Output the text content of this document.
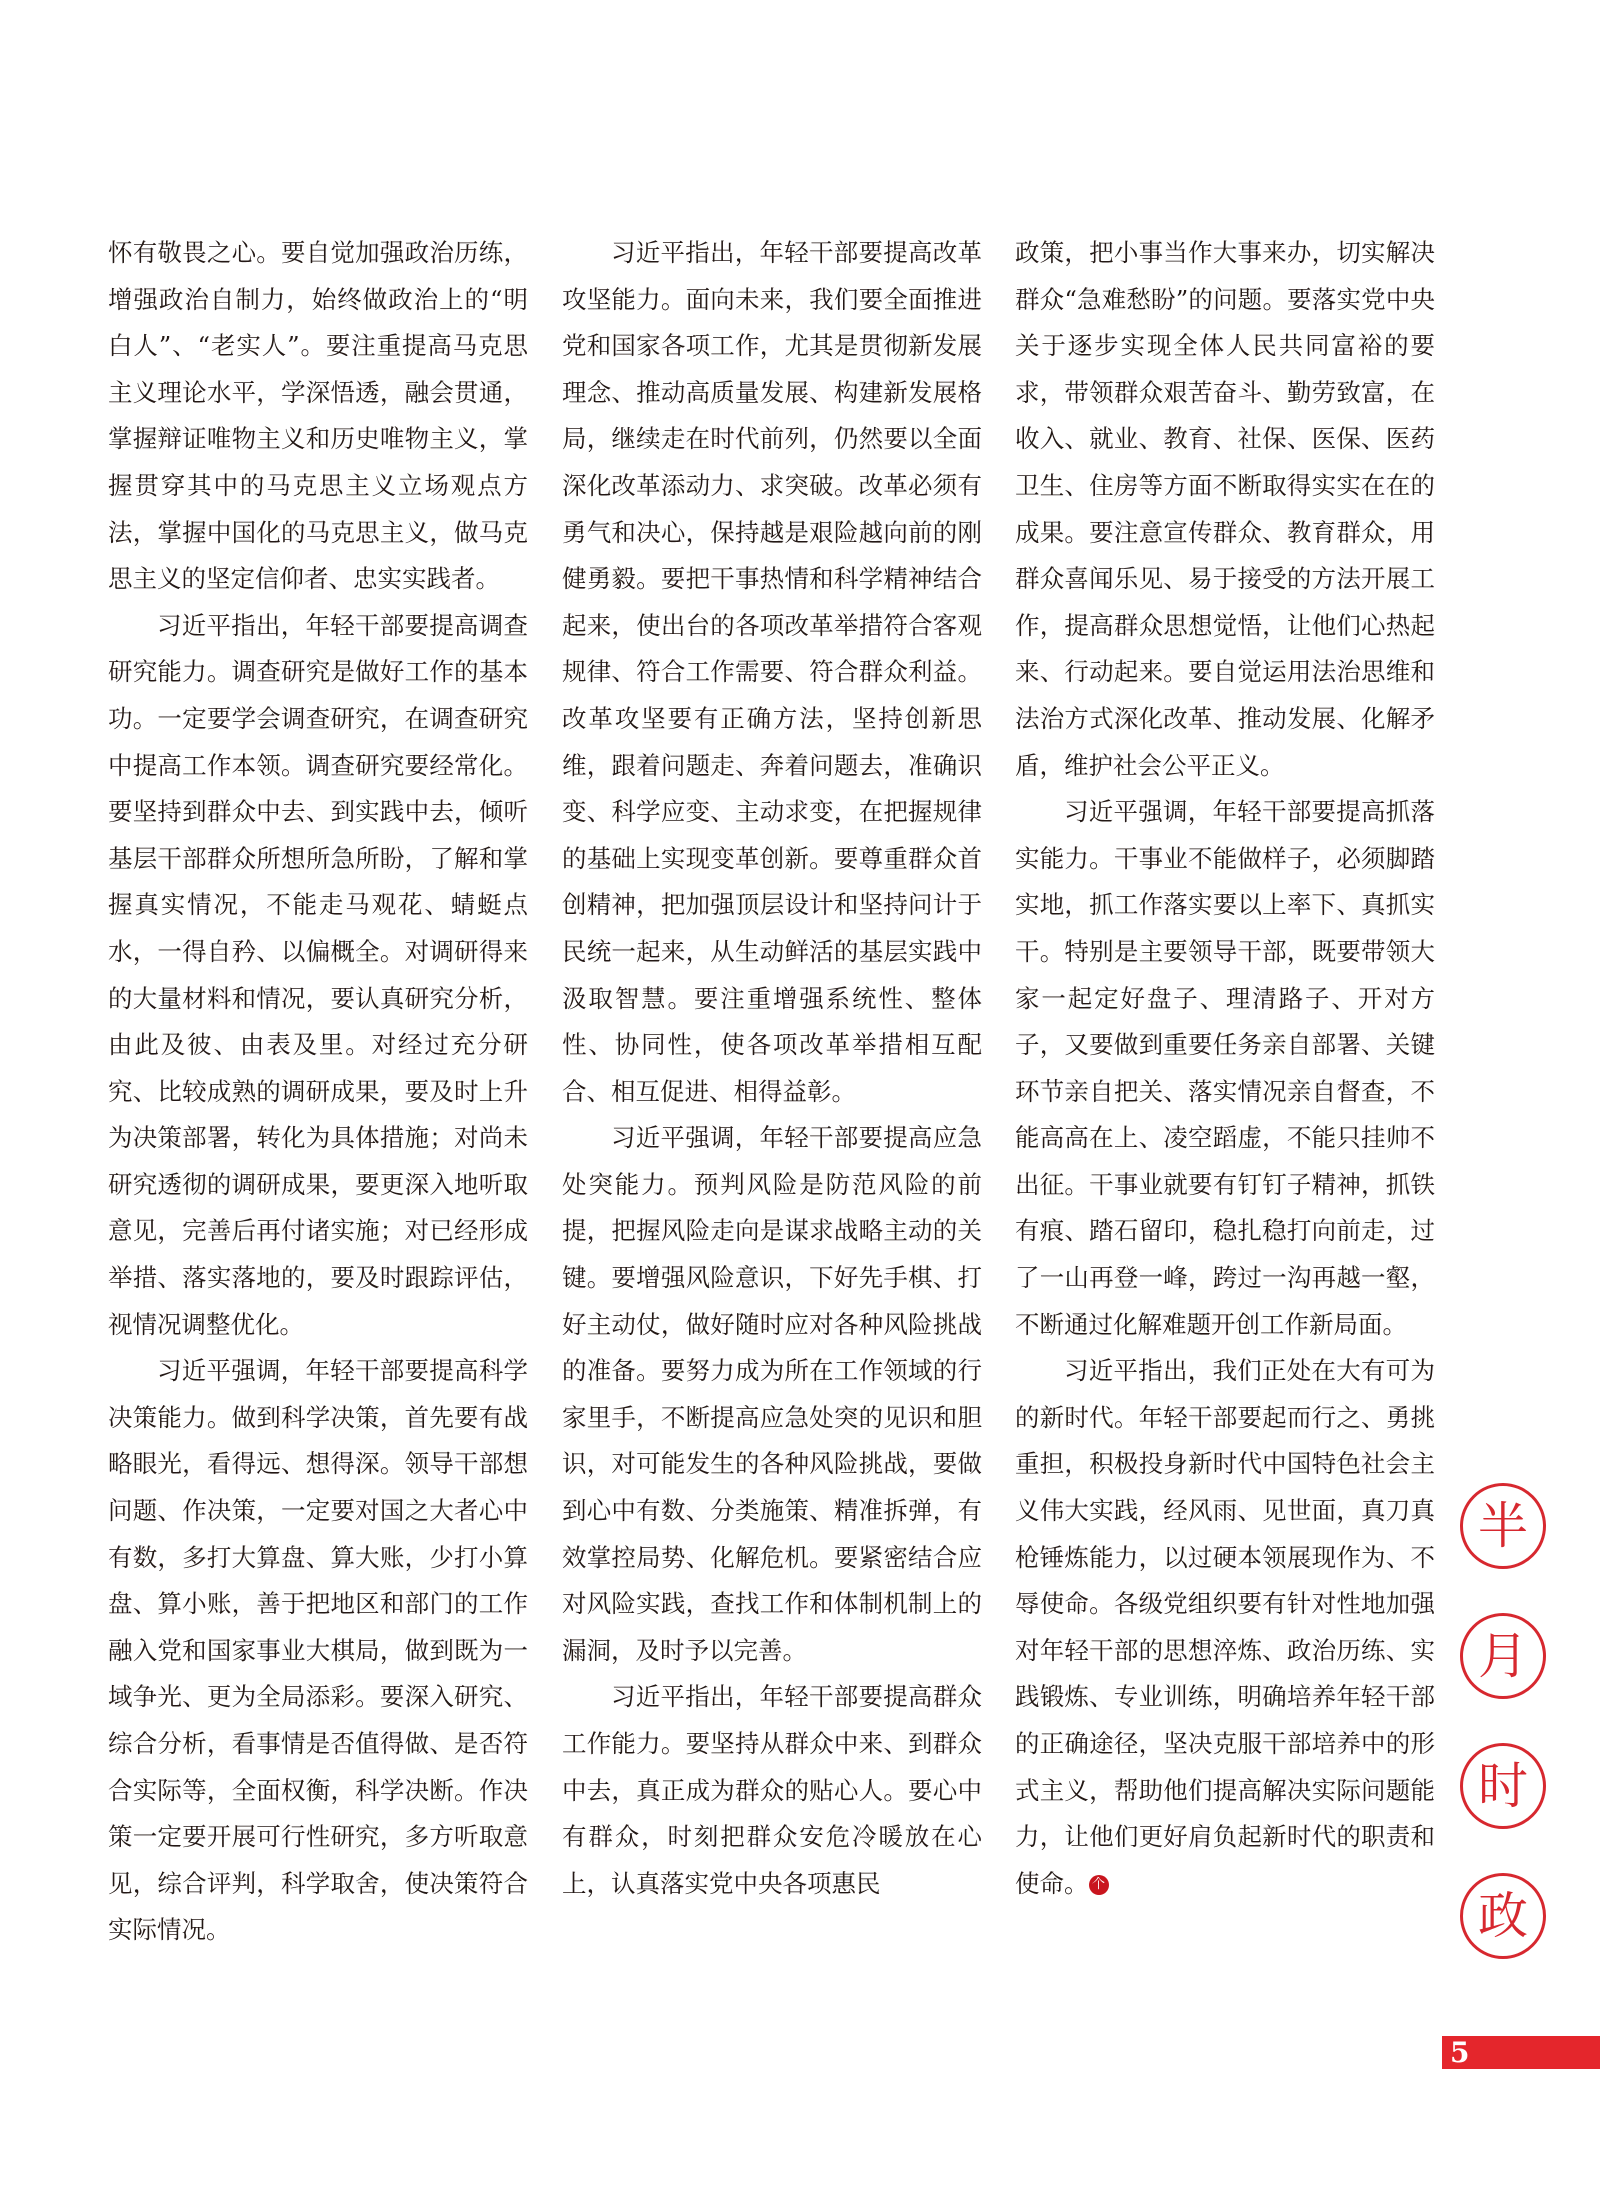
怀有敬畏之心。要自觉加强政治历练，增强政治自制力，始终做政治上的“明白人”、“老实人”。要注重提高马克思主义理论水平，学深悟透，融会贯通，掌握辩证唯物主义和历史唯物主义，掌握贯穿其中的马克思主义立场观点方法，掌握中国化的马克思主义，做马克思主义的坚定信仰者、忠实实践者。

习近平指出，年轻干部要提高调查研究能力。调查研究是做好工作的基本功。一定要学会调查研究，在调查研究中提高工作本领。调查研究要经常化。要坚持到群众中去、到实践中去，倾听基层干部群众所想所急所盼，了解和掌握真实情况，不能走马观花、蜻蜓点水，一得自矜、以偏概全。对调研得来的大量材料和情况，要认真研究分析，由此及彼、由表及里。对经过充分研究、比较成熟的调研成果，要及时上升为决策部署，转化为具体措施；对尚未研究透彻的调研成果，要更深入地听取意见，完善后再付诸实施；对已经形成举措、落实落地的，要及时跟踪评估，视情况调整优化。

习近平强调，年轻干部要提高科学决策能力。做到科学决策，首先要有战略眼光，看得远、想得深。领导干部想问题、作决策，一定要对国之大者心中有数，多打大算盘、算大账，少打小算盘、算小账，善于把地区和部门的工作融入党和国家事业大棋局，做到既为一域争光、更为全局添彩。要深入研究、综合分析，看事情是否值得做、是否符合实际等，全面权衡，科学决断。作决策一定要开展可行性研究，多方听取意见，综合评判，科学取舍，使决策符合实际情况。

习近平指出，年轻干部要提高改革攻坚能力。面向未来，我们要全面推进党和国家各项工作，尤其是贯彻新发展理念、推动高质量发展、构建新发展格局，继续走在时代前列，仍然要以全面深化改革添动力、求突破。改革必须有勇气和决心，保持越是艰险越向前的刚健勇毅。要把干事热情和科学精神结合起来，使出台的各项改革举措符合客观规律、符合工作需要、符合群众利益。改革攻坚要有正确方法，坚持创新思维，跟着问题走、奔着问题去，准确识变、科学应变、主动求变，在把握规律的基础上实现变革创新。要尊重群众首创精神，把加强顶层设计和坚持问计于民统一起来，从生动鲜活的基层实践中汲取智慧。要注重增强系统性、整体性、协同性，使各项改革举措相互配合、相互促进、相得益彰。

习近平强调，年轻干部要提高应急处突能力。预判风险是防范风险的前提，把握风险走向是谋求战略主动的关键。要增强风险意识，下好先手棋、打好主动仗，做好随时应对各种风险挑战的准备。要努力成为所在工作领域的行家里手，不断提高应急处突的见识和胆识，对可能发生的各种风险挑战，要做到心中有数、分类施策、精准拆弹，有效掌控局势、化解危机。要紧密结合应对风险实践，查找工作和体制机制上的漏洞，及时予以完善。

习近平指出，年轻干部要提高群众工作能力。要坚持从群众中来、到群众中去，真正成为群众的贴心人。要心中有群众，时刻把群众安危冷暖放在心上，认真落实党中央各项惠民

政策，把小事当作大事来办，切实解决群众“急难愁盼”的问题。要落实党中央关于逐步实现全体人民共同富裕的要求，带领群众艰苦奋斗、勤劳致富，在收入、就业、教育、社保、医保、医药卫生、住房等方面不断取得实实在在的成果。要注意宣传群众、教育群众，用群众喜闻乐见、易于接受的方法开展工作，提高群众思想觉悟，让他们心热起来、行动起来。要自觉运用法治思维和法治方式深化改革、推动发展、化解矛盾，维护社会公平正义。

习近平强调，年轻干部要提高抓落实能力。干事业不能做样子，必须脚踏实地，抓工作落实要以上率下、真抓实干。特别是主要领导干部，既要带领大家一起定好盘子、理清路子、开对方子，又要做到重要任务亲自部署、关键环节亲自把关、落实情况亲自督查，不能高高在上、凌空蹈虚，不能只挂帅不出征。干事业就要有钉钉子精神，抓铁有痕、踏石留印，稳扎稳打向前走，过了一山再登一峰，跨过一沟再越一壑，不断通过化解难题开创工作新局面。

习近平指出，我们正处在大有可为的新时代。年轻干部要起而行之、勇挑重担，积极投身新时代中国特色社会主义伟大实践，经风雨、见世面，真刀真枪锤炼能力，以过硬本领展现作为、不辱使命。各级党组织要有针对性地加强对年轻干部的思想淬炼、政治历练、实践锻炼、专业训练，明确培养年轻干部的正确途径，坚决克服干部培养中的形式主义，帮助他们提高解决实际问题能力，让他们更好肩负起新时代的职责和使命。 个

半
月
时
政
5
